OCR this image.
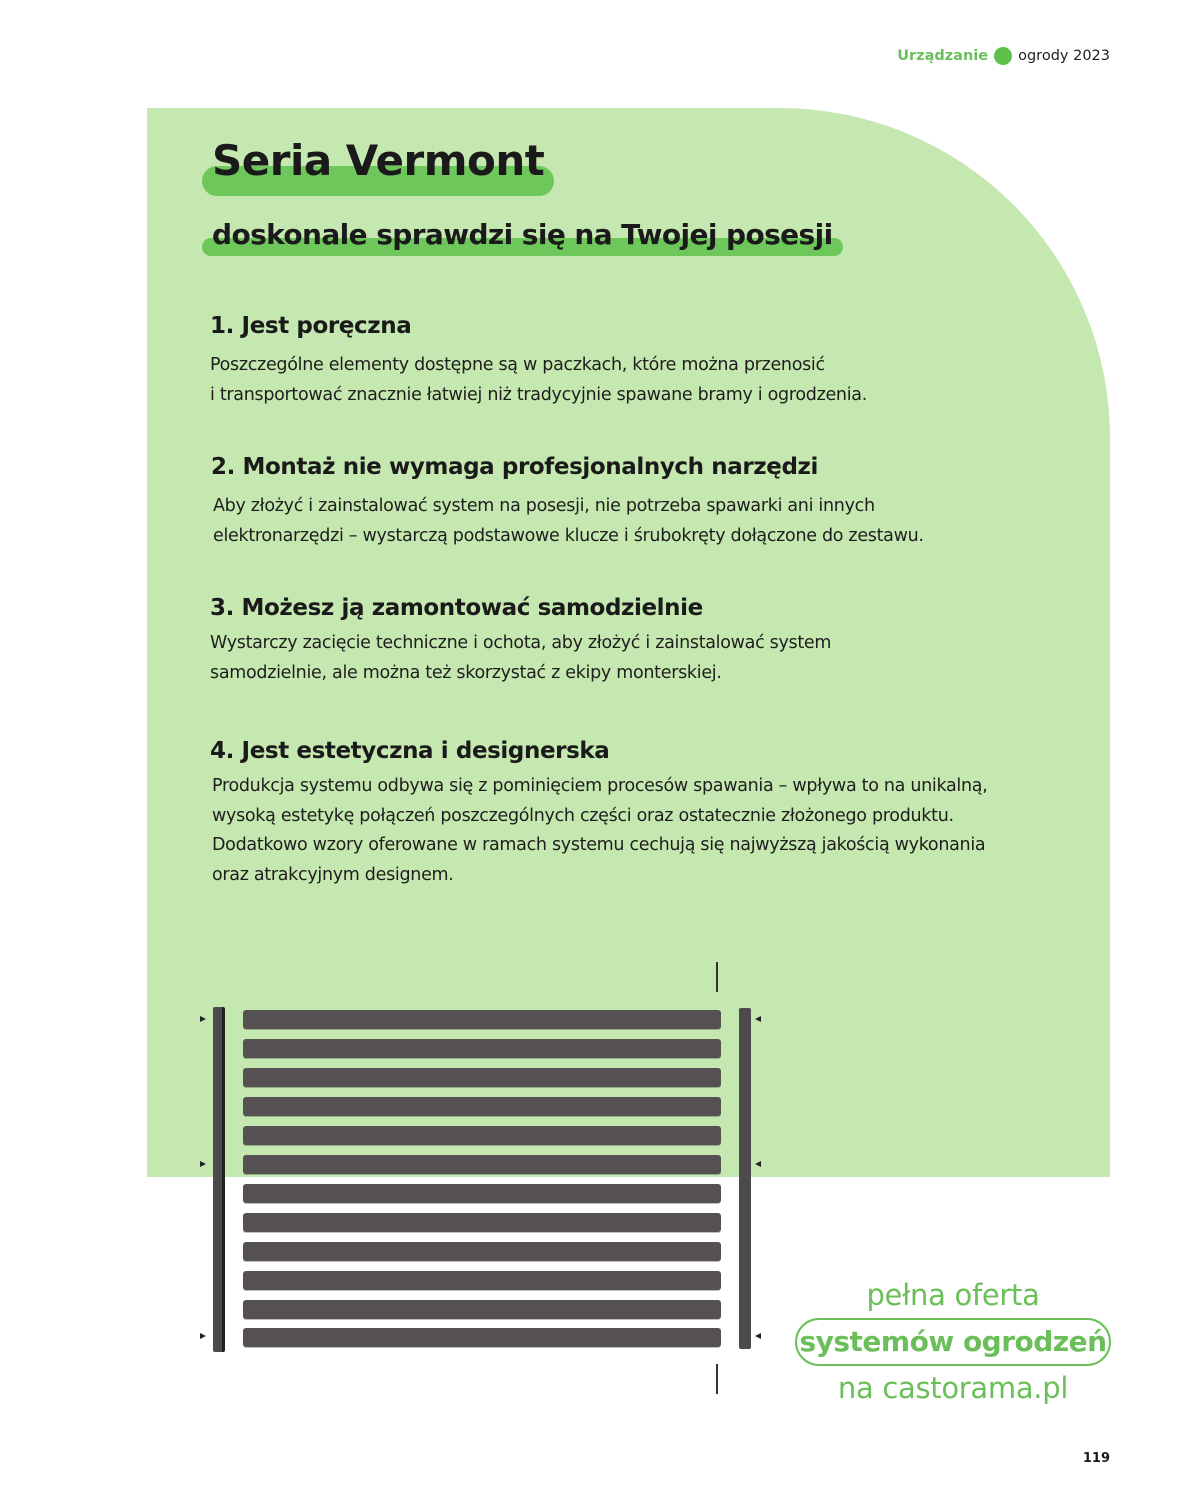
Urządzanie ogrody 2023
Seria Vermont
doskonale sprawdzi się na Twojej posesji
1. Jest poręczna

Poszczególne elementy dostępne są w paczkach, które można przenosić
i transportować znacznie łatwiej niż tradycyjnie spawane bramy i ogrodzenia.

2. Montaż nie wymaga profesjonalnych narzędzi

Aby złożyć i zainstalować system na posesji, nie potrzeba spawarki ani innych
elektronarzędzi – wystarczą podstawowe klucze i śrubokręty dołączone do zestawu.

3. Możesz ją zamontować samodzielnie

Wystarczy zacięcie techniczne i ochota, aby złożyć i zainstalować system
samodzielnie, ale można też skorzystać z ekipy monterskiej.

4. Jest estetyczna i designerska

Produkcja systemu odbywa się z pominięciem procesów spawania – wpływa to na unikalną,
wysoką estetykę połączeń poszczególnych części oraz ostatecznie złożonego produktu.
Dodatkowo wzory oferowane w ramach systemu cechują się najwyższą jakością wykonania
oraz atrakcyjnym designem.

pełna oferta
systemów ogrodzeń
na castorama.pl
119
